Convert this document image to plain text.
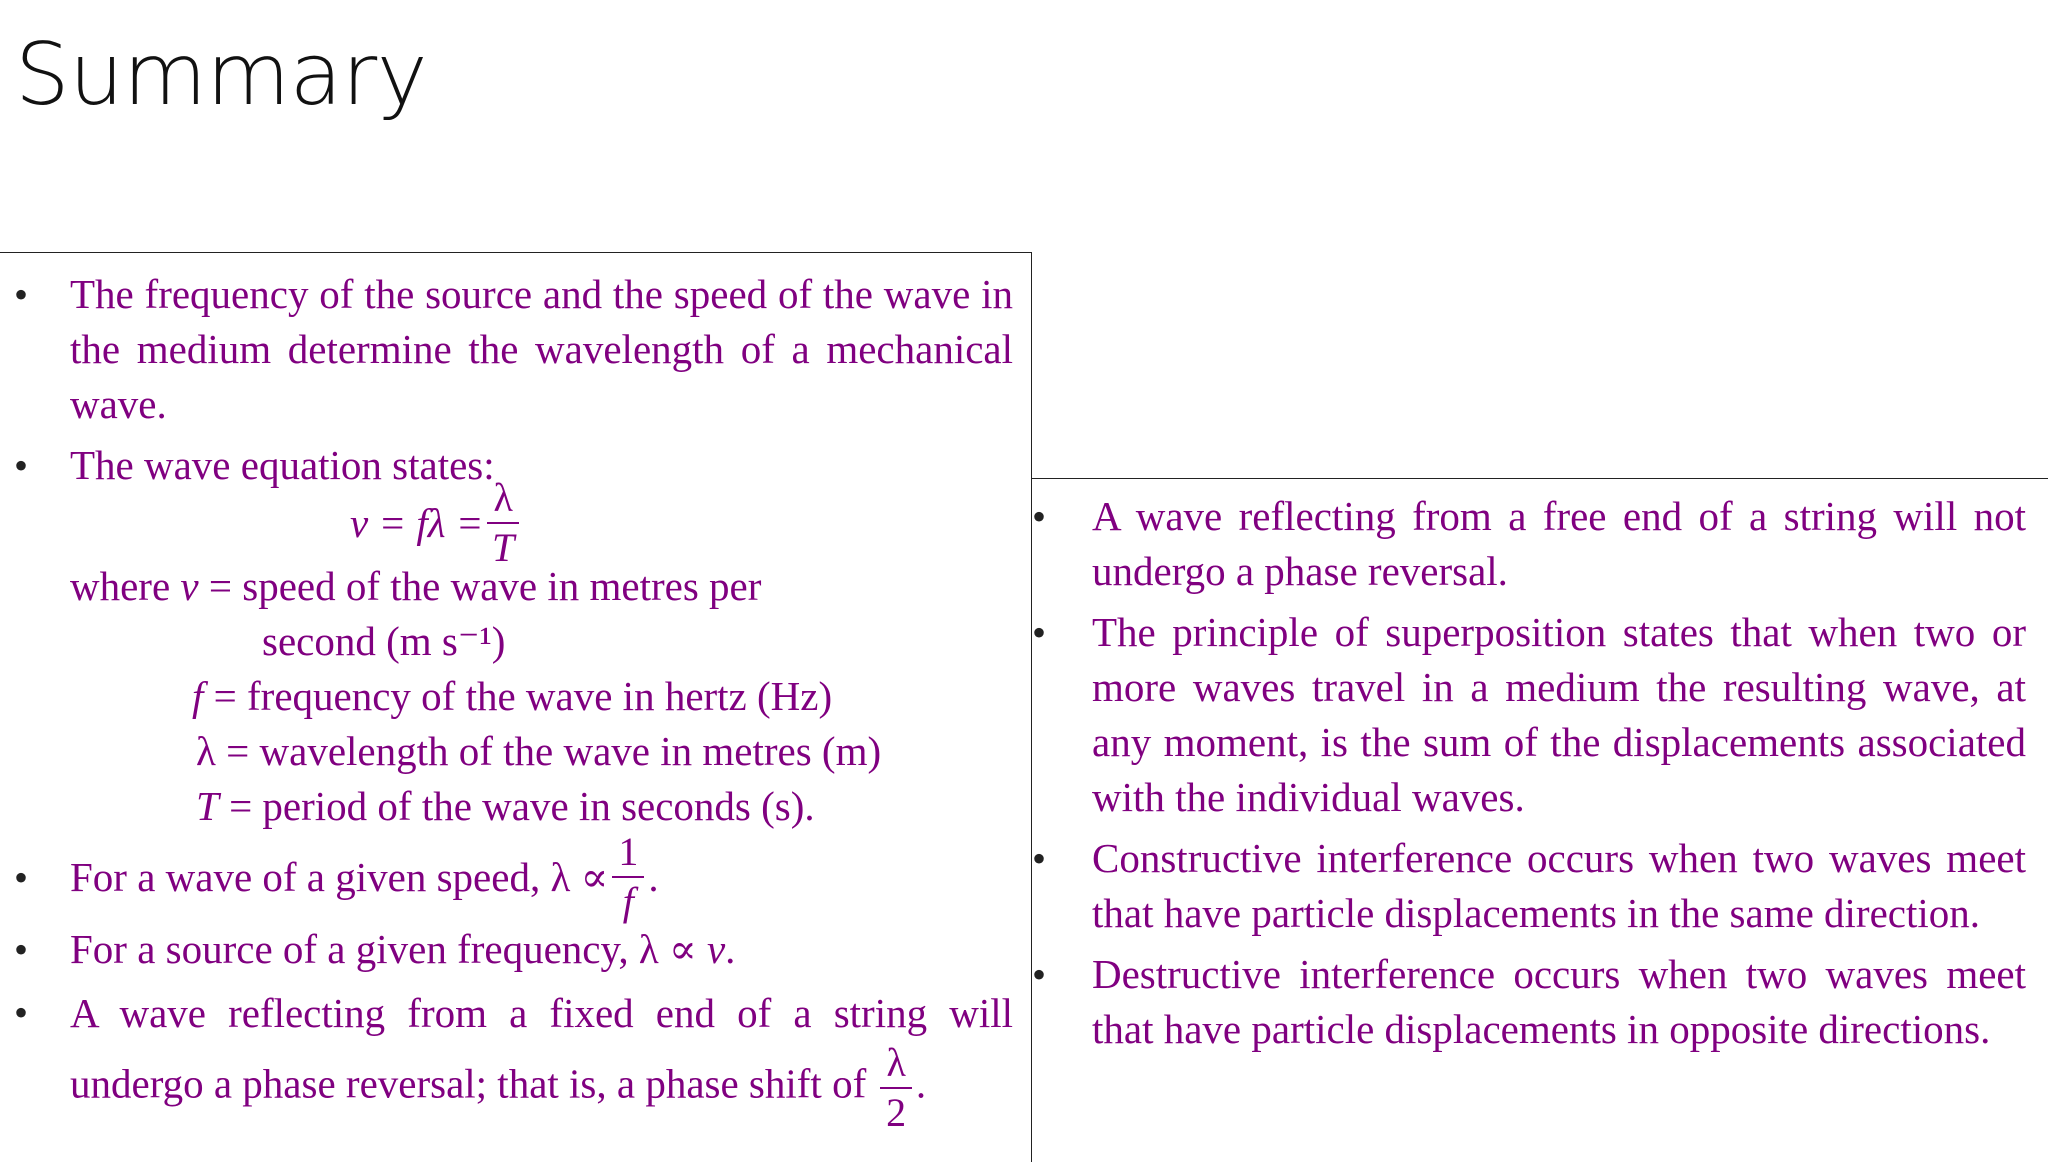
Summary
• The frequency of the source and the speed of the wave in the medium determine the wavelength of a mechanical wave.
• The wave equation states:
$v = f\lambda = \frac{\lambda}{T}$
where v = speed of the wave in metres per
second (m s⁻¹)
f = frequency of the wave in hertz (Hz)
λ = wavelength of the wave in metres (m)
T = period of the wave in seconds (s).
• For a wave of a given speed, $\lambda \propto \frac{1}{f}$ .
• For a source of a given frequency, λ ∝ v.
• A wave reflecting from a fixed end of a string will undergo a phase reversal; that is, a phase shift of $\frac{\lambda}{2}$ .
• A wave reflecting from a free end of a string will not undergo a phase reversal.
• The principle of superposition states that when two or more waves travel in a medium the resulting wave, at any moment, is the sum of the displacements associated with the individual waves.
• Constructive interference occurs when two waves meet that have particle displacements in the same direction.
• Destructive interference occurs when two waves meet that have particle displacements in opposite directions.
